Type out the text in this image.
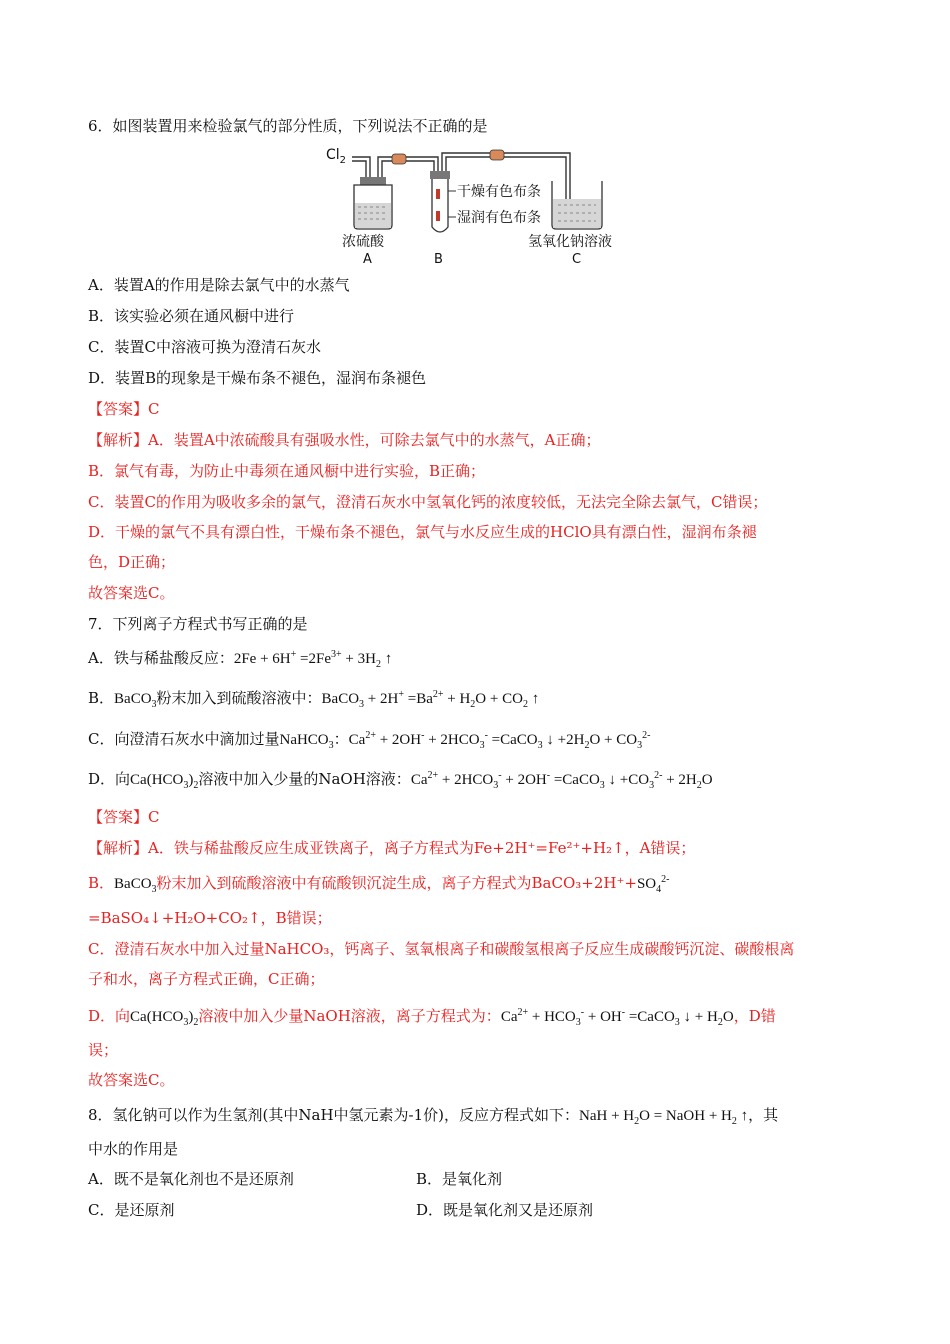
6．如图装置用来检验氯气的部分性质，下列说法不正确的是
$Cl_2$
干燥有色布条
湿润有色布条
浓硫酸
A	B
氢氧化钠溶液
C
A．装置A的作用是除去氯气中的水蒸气
B．该实验必须在通风橱中进行
C．装置C中溶液可换为澄清石灰水
D．装置B的现象是干燥布条不褪色，湿润布条褪色
【答案】C
【解析】A．装置A中浓硫酸具有强吸水性，可除去氯气中的水蒸气，A正确；
B．氯气有毒，为防止中毒须在通风橱中进行实验，B正确；
C．装置C的作用为吸收多余的氯气，澄清石灰水中氢氧化钙的浓度较低，无法完全除去氯气，C错误；
D．干燥的氯气不具有漂白性，干燥布条不褪色，氯气与水反应生成的HClO具有漂白性，湿润布条褪
色，D正确；
故答案选C。
7．下列离子方程式书写正确的是
A．铁与稀盐酸反应：$2Fe + 6H^+ =2Fe^{3+} + 3H_2$ ↑
B．BaCO$_3$粉末加入到硫酸溶液中：BaCO$_3$ + $2H^+ =Ba^{2+} + H_2O + CO_2$ ↑
C．向澄清石灰水中滴加过量NaHCO$_3$：$Ca^{2+} + 2OH^- + 2HCO_3^-$ =CaCO$_3$ ↓ $+2H_2O + CO_3^{2-}$
D．向$Ca(HCO_3)_2$溶液中加入少量的NaOH溶液：$Ca^{2+} + 2HCO_3^- + 2OH^-$ =CaCO$_3$ ↓ $+CO_3^{2-} + 2H_2O$
【答案】C
【解析】A．铁与稀盐酸反应生成亚铁离子，离子方程式为Fe+2H⁺=Fe²⁺+H₂↑，A错误；
B．BaCO$_3$粉末加入到硫酸溶液中有硫酸钡沉淀生成，离子方程式为$BaCO_3+2H^++SO_4^{2-}$
=BaSO₄↓+H₂O+CO₂↑，B错误；
C．澄清石灰水中加入过量NaHCO₃，钙离子、氢氧根离子和碳酸氢根离子反应生成碳酸钙沉淀、碳酸根离
子和水，离子方程式正确，C正确；
D．向$Ca(HCO_3)_2$溶液中加入少量NaOH溶液，离子方程式为：$Ca^{2+} + HCO_3^- + OH^-$ =CaCO$_3$ ↓ + $H_2O$，D错
误；
故答案选C。
8．氢化钠可以作为生氢剂(其中NaH中氢元素为-1价)，反应方程式如下：NaH + $H_2O$ = NaOH + $H_2$ ↑，其
中水的作用是
A．既不是氧化剂也不是还原剂	B．是氧化剂
C．是还原剂	D．既是氧化剂又是还原剂
